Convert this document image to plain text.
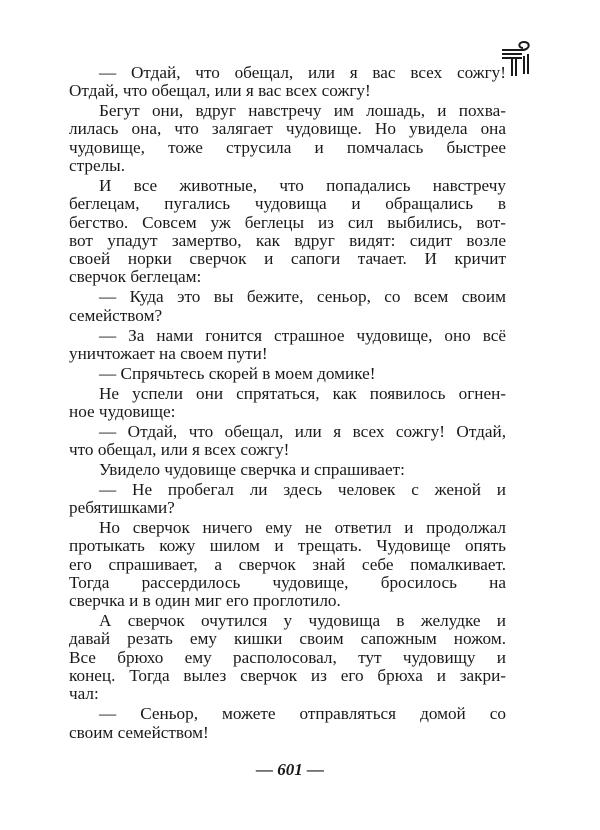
— Отдай, что обещал, или я вас всех сожгу!
Отдай, что обещал, или я вас всех сожгу!
Бегут они, вдруг навстречу им лошадь, и похва-
лилась она, что залягает чудовище. Но увидела она
чудовище, тоже струсила и помчалась быстрее
стрелы.
И все животные, что попадались навстречу
беглецам, пугались чудовища и обращались в
бегство. Совсем уж беглецы из сил выбились, вот-
вот упадут замертво, как вдруг видят: сидит возле
своей норки сверчок и сапоги тачает. И кричит
сверчок беглецам:
— Куда это вы бежите, сеньор, со всем своим
семейством?
— За нами гонится страшное чудовище, оно всё
уничтожает на своем пути!
— Спрячьтесь скорей в моем домике!
Не успели они спрятаться, как появилось огнен-
ное чудовище:
— Отдай, что обещал, или я всех сожгу! Отдай,
что обещал, или я всех сожгу!
Увидело чудовище сверчка и спрашивает:
— Не пробегал ли здесь человек с женой и
ребятишками?
Но сверчок ничего ему не ответил и продолжал
протыкать кожу шилом и трещать. Чудовище опять
его спрашивает, а сверчок знай себе помалкивает.
Тогда рассердилось чудовище, бросилось на
сверчка и в один миг его проглотило.
А сверчок очутился у чудовища в желудке и
давай резать ему кишки своим сапожным ножом.
Все брюхо ему располосовал, тут чудовищу и
конец. Тогда вылез сверчок из его брюха и закри-
чал:
— Сеньор, можете отправляться домой со
своим семейством!
— 601 —
